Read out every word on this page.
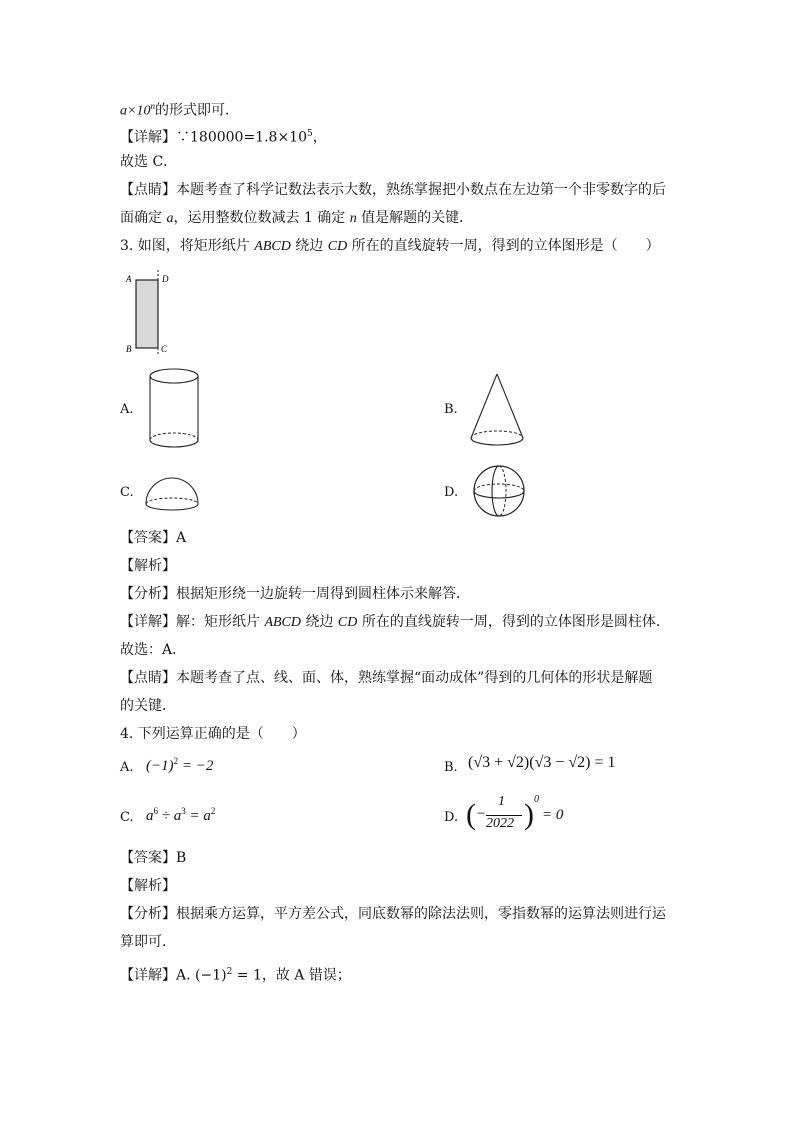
$a\times 10^n$的形式即可．
【详解】$\because 180000=1.8\times 10^5$，
故选 C．
【点睛】本题考查了科学记数法表示大数，熟练掌握把小数点在左边第一个非零数字的后
面确定 a，运用整数位数减去 1 确定 n 值是解题的关键．
3. 如图，将矩形纸片 ABCD 绕边 CD 所在的直线旋转一周，得到的立体图形是（　　）
A	D
B	C
A.	B.
C.	D.
【答案】A
【解析】
【分析】根据矩形绕一边旋转一周得到圆柱体示来解答．
【详解】解：矩形纸片 ABCD 绕边 CD 所在的直线旋转一周，得到的立体图形是圆柱体．
故选：A．
【点睛】本题考查了点、线、面、体，熟练掌握“面动成体”得到的几何体的形状是解题
的关键．
4. 下列运算正确的是（　　）
A. $(-1)^2 = -2$	B. (√3 + √2)(√3 − √2) = 1
C. $a^6 \div a^3 = a^2$	D. ( −
1
2022 ) 0
= 0
【答案】B
【解析】
【分析】根据乘方运算，平方差公式，同底数幂的除法法则，零指数幂的运算法则进行运
算即可．
【详解】A. $(-1)^2 = 1$，故 A 错误；
